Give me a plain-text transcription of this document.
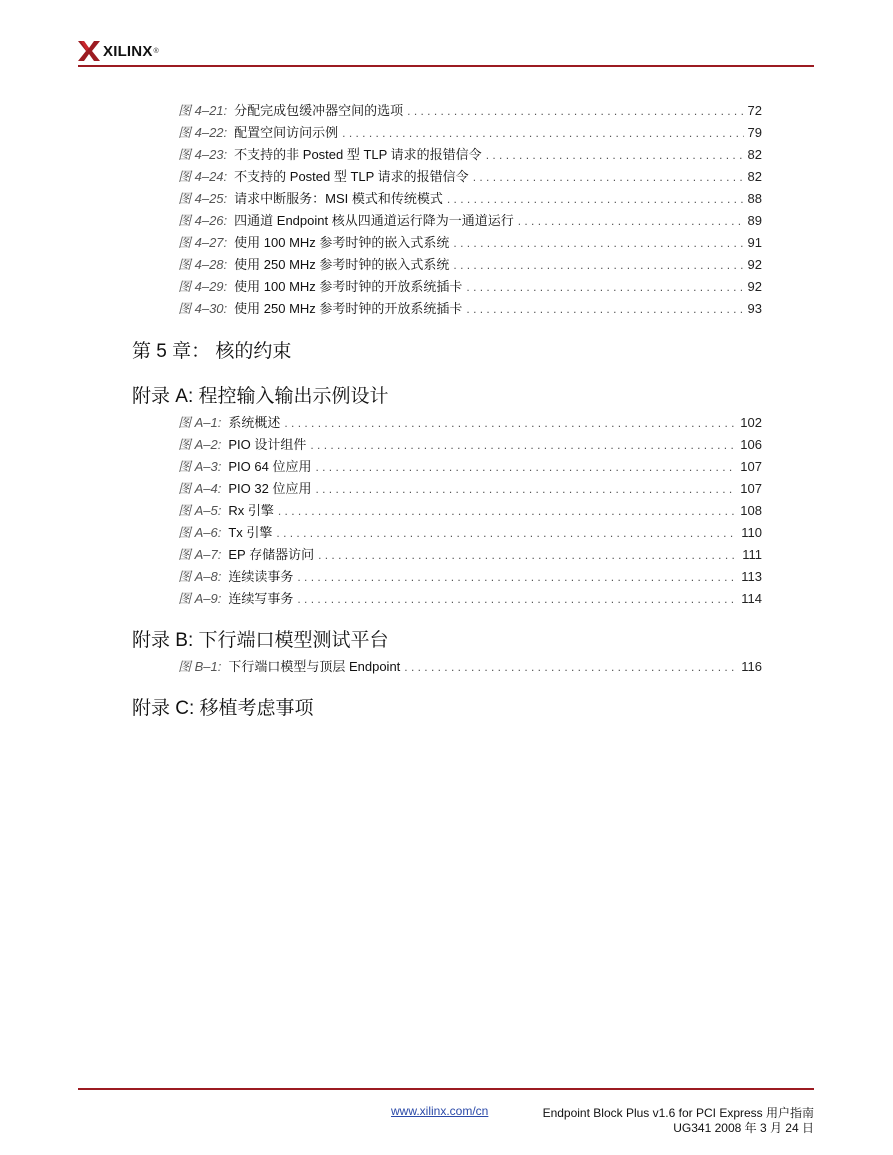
XILINX ®
图 4–21: 分配完成包缓冲器空间的选项 . . .	72
图 4–22: 配置空间访问示例 . . .	79
图 4–23: 不支持的非 Posted 型 TLP 请求的报错信令 . . .	82
图 4–24: 不支持的 Posted 型 TLP 请求的报错信令 . . .	82
图 4–25: 请求中断服务：MSI 模式和传统模式 . . .	88
图 4–26: 四通道 Endpoint 核从四通道运行降为一通道运行 . . .	89
图 4–27: 使用 100 MHz 参考时钟的嵌入式系统 . . .	91
图 4–28: 使用 250 MHz 参考时钟的嵌入式系统 . . .	92
图 4–29: 使用 100 MHz 参考时钟的开放系统插卡 . . .	92
图 4–30: 使用 250 MHz 参考时钟的开放系统插卡 . . .	93
第 5 章： 核的约束
附录 A: 程控输入输出示例设计
图 A–1: 系统概述 . . .	102
图 A–2: PIO 设计组件 . . .	106
图 A–3: PIO 64 位应用 . . .	107
图 A–4: PIO 32 位应用 . . .	107
图 A–5: Rx 引擎 . . .	108
图 A–6: Tx 引擎 . . .	110
图 A–7: EP 存储器访问 . . .	111
图 A–8: 连续读事务 . . .	113
图 A–9: 连续写事务 . . .	114
附录 B: 下行端口模型测试平台
图 B–1: 下行端口模型与顶层 Endpoint . . .	116
附录 C: 移植考虑事项
www.xilinx.com/cn	Endpoint Block Plus v1.6 for PCI Express 用户指南
UG341 2008 年 3 月 24 日
